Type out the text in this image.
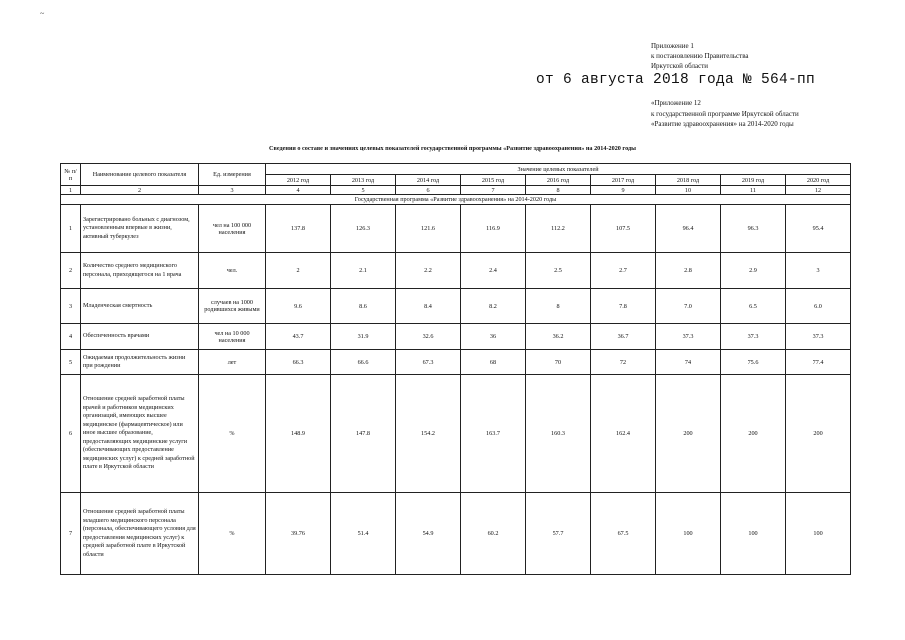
~
Приложение 1
к постановлению Правительства
Иркутской области
от 6 августа 2018 года № 564-пп
«Приложение 12
к государственной программе Иркутской области
«Развитие здравоохранения» на 2014-2020 годы
Сведения о составе и значениях целевых показателей государственной программы «Развитие здравоохранения» на 2014-2020 годы
№ п/п	Наименование целевого показателя	Ед. измерения	Значение целевых показателей								
			2012 год	2013 год	2014 год	2015 год	2016 год	2017 год	2018 год	2019 год	2020 год
1	2	3	4	5	6	7	8	9	10	11	12
Государственная программа «Развитие здравоохранения» на 2014-2020 годы											
1	Зарегистрировано больных с диагнозом, установленным впервые в жизни, активный туберкулез	чел на 100 000 населения	137.8	126.3	121.6	116.9	112.2	107.5	96.4	96.3	95.4
2	Количество среднего медицинского персонала, приходящегося на 1 врача	чел.	2	2.1	2.2	2.4	2.5	2.7	2.8	2.9	3
3	Младенческая смертность	случаев на 1000 родившихся живыми	9.6	8.6	8.4	8.2	8	7.8	7.0	6.5	6.0
4	Обеспеченность врачами	чел на 10 000 населения	43.7	31.9	32.6	36	36.2	36.7	37.3	37.3	37.3
5	Ожидаемая продолжительность жизни при рождении	лет	66.3	66.6	67.3	68	70	72	74	75.6	77.4
6	Отношение средней заработной платы врачей и работников медицинских организаций, имеющих высшее медицинское (фармацевтическое) или иное высшее образование, предоставляющих медицинские услуги (обеспечивающих предоставление медицинских услуг) к средней заработной плате в Иркутской области	%	148.9	147.8	154.2	163.7	160.3	162.4	200	200	200
7	Отношение средней заработной платы младшего медицинского персонала (персонала, обеспечивающего условия для предоставления медицинских услуг) к средней заработной плате в Иркутской области	%	39.76	51.4	54.9	60.2	57.7	67.5	100	100	100
